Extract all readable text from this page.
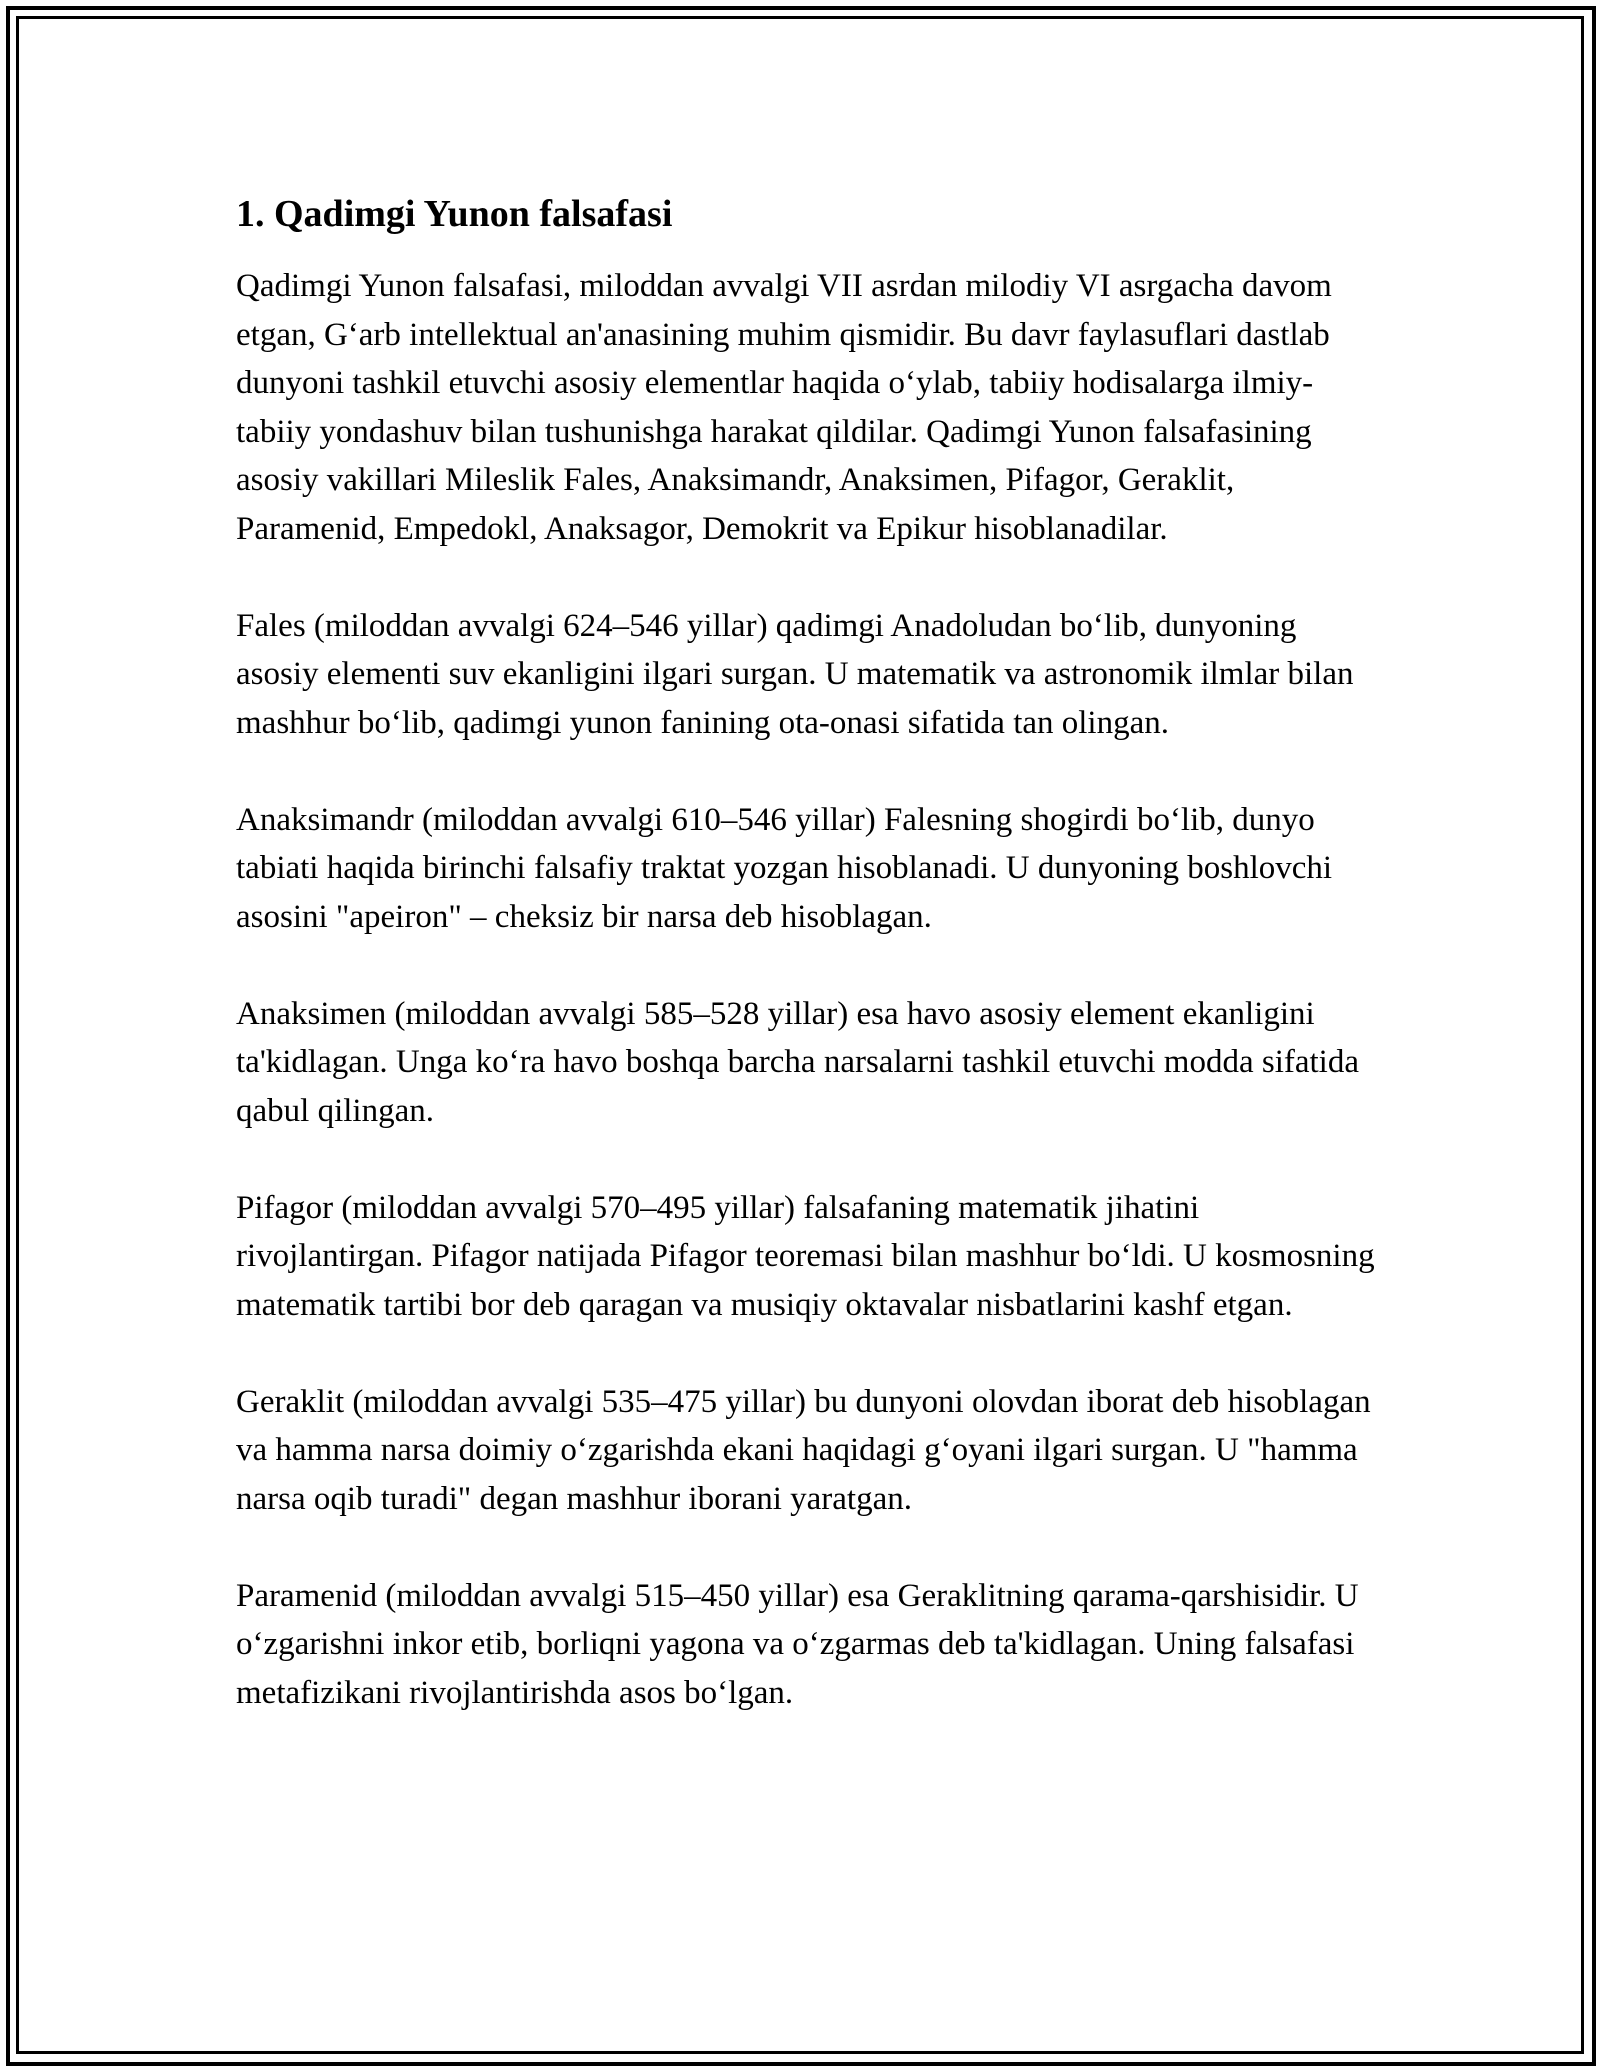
1. Qadimgi Yunon falsafasi

Qadimgi Yunon falsafasi, miloddan avvalgi VII asrdan milodiy VI asrgacha davom etgan, G‘arb intellektual an'anasining muhim qismidir. Bu davr faylasuflari dastlab dunyoni tashkil etuvchi asosiy elementlar haqida o‘ylab, tabiiy hodisalarga ilmiy-tabiiy yondashuv bilan tushunishga harakat qildilar. Qadimgi Yunon falsafasining asosiy vakillari Mileslik Fales, Anaksimandr, Anaksimen, Pifagor, Geraklit, Paramenid, Empedokl, Anaksagor, Demokrit va Epikur hisoblanadilar.

Fales (miloddan avvalgi 624–546 yillar) qadimgi Anadoludan bo‘lib, dunyoning asosiy elementi suv ekanligini ilgari surgan. U matematik va astronomik ilmlar bilan mashhur bo‘lib, qadimgi yunon fanining ota-onasi sifatida tan olingan.

Anaksimandr (miloddan avvalgi 610–546 yillar) Falesning shogirdi bo‘lib, dunyo tabiati haqida birinchi falsafiy traktat yozgan hisoblanadi. U dunyoning boshlovchi asosini "apeiron" – cheksiz bir narsa deb hisoblagan.

Anaksimen (miloddan avvalgi 585–528 yillar) esa havo asosiy element ekanligini ta'kidlagan. Unga ko‘ra havo boshqa barcha narsalarni tashkil etuvchi modda sifatida qabul qilingan.

Pifagor (miloddan avvalgi 570–495 yillar) falsafaning matematik jihatini rivojlantirgan. Pifagor natijada Pifagor teoremasi bilan mashhur bo‘ldi. U kosmosning matematik tartibi bor deb qaragan va musiqiy oktavalar nisbatlarini kashf etgan.

Geraklit (miloddan avvalgi 535–475 yillar) bu dunyoni olovdan iborat deb hisoblagan va hamma narsa doimiy o‘zgarishda ekani haqidagi g‘oyani ilgari surgan. U "hamma narsa oqib turadi" degan mashhur iborani yaratgan.

Paramenid (miloddan avvalgi 515–450 yillar) esa Geraklitning qarama-qarshisidir. U o‘zgarishni inkor etib, borliqni yagona va o‘zgarmas deb ta'kidlagan. Uning falsafasi metafizikani rivojlantirishda asos bo‘lgan.
